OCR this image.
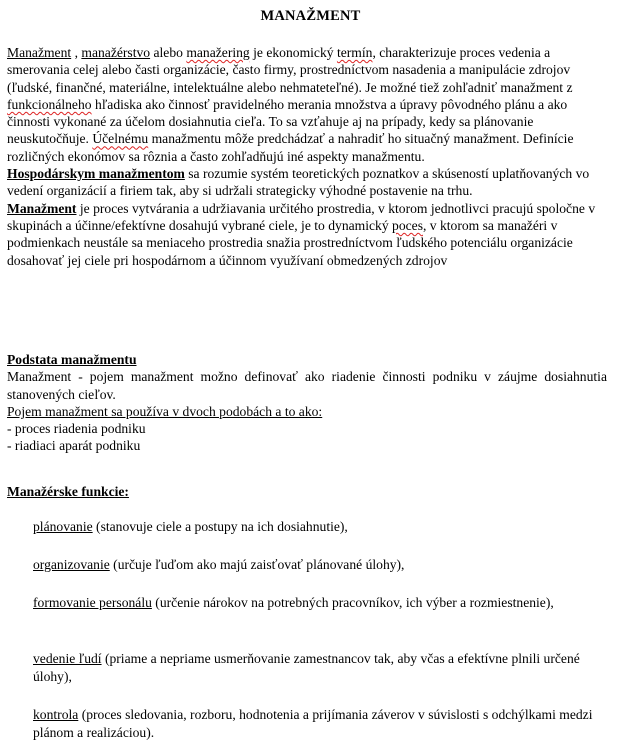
MANAŽMENT

Manažment , manažérstvo alebo manažering je ekonomický termín, charakterizuje proces vedenia a smerovania celej alebo časti organizácie, často firmy, prostredníctvom nasadenia a manipulácie zdrojov (ľudské, finančné, materiálne, intelektuálne alebo nehmateteľné). Je možné tiež zohľadniť manažment z funkcionálneho hľadiska ako činnosť pravidelného merania množstva a úpravy pôvodného plánu a ako činnosti vykonané za účelom dosiahnutia cieľa. To sa vzťahuje aj na prípady, kedy sa plánovanie neuskutočňuje. Účelnému manažmentu môže predchádzať a nahradiť ho situačný manažment. Definície rozličných ekonómov sa rôznia a často zohľadňujú iné aspekty manažmentu.

Hospodárskym manažmentom sa rozumie systém teoretických poznatkov a skúseností uplatňovaných vo vedení organizácií a firiem tak, aby si udržali strategicky výhodné postavenie na trhu.

Manažment je proces vytvárania a udržiavania určitého prostredia, v ktorom jednotlivci pracujú spoločne v skupinách a účinne/efektívne dosahujú vybrané ciele, je to dynamický poces, v ktorom sa manažéri v podmienkach neustále sa meniaceho prostredia snažia prostredníctvom ľudského potenciálu organizácie dosahovať jej ciele pri hospodárnom a účinnom využívaní obmedzených zdrojov

Podstata manažmentu

Manažment - pojem manažment možno definovať ako riadenie činnosti podniku v záujme dosiahnutia stanovených cieľov.

Pojem manažment sa používa v dvoch podobách a to ako:

- proces riadenia podniku

- riadiaci aparát podniku

Manažérske funkcie:

plánovanie (stanovuje ciele a postupy na ich dosiahnutie),

organizovanie (určuje ľuďom ako majú zaisťovať plánované úlohy),

formovanie personálu (určenie nárokov na potrebných pracovníkov, ich výber a rozmiestnenie),

vedenie ľudí (priame a nepriame usmerňovanie zamestnancov tak, aby včas a efektívne plnili určené úlohy),

kontrola (proces sledovania, rozboru, hodnotenia a prijímania záverov v súvislosti s odchýlkami medzi plánom a realizáciou).
